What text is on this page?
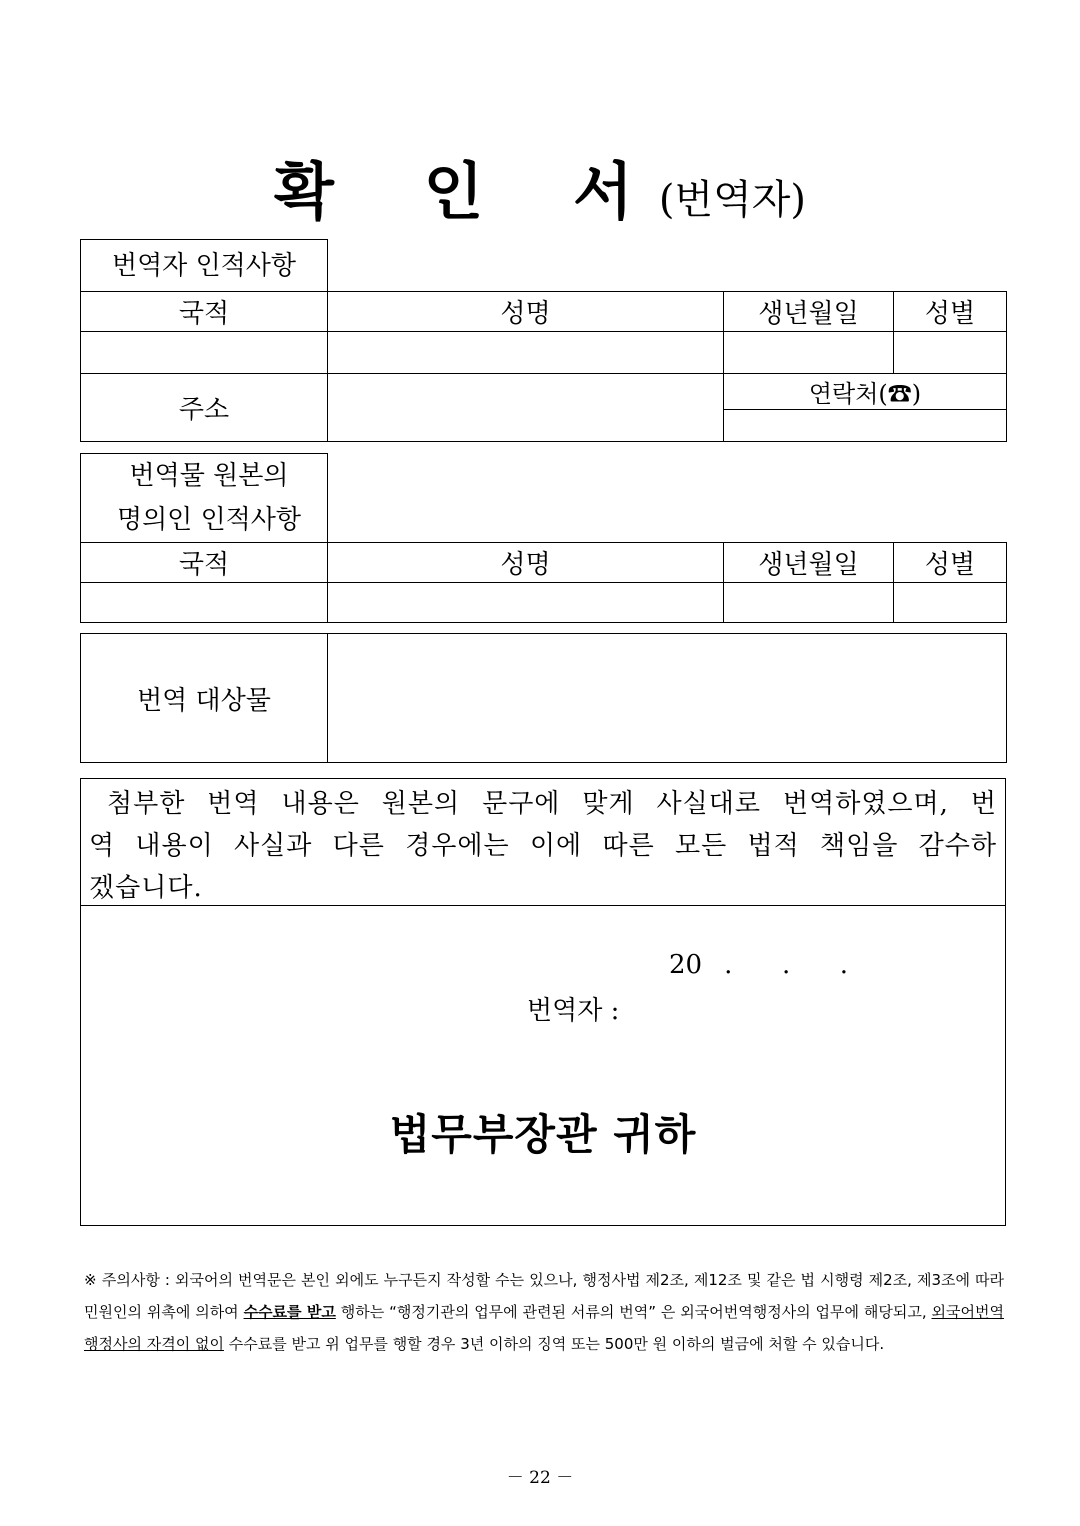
확 인 서(번역자)
번역자 인적사항			
국적	성명	생년월일	성별

주소		연락처(☎)	

번역물 원본의
명의인 인적사항			

국적	성명	생년월일	성별

번역 대상물	
첨부한 번역 내용은 원본의 문구에 맞게 사실대로 번역하였으며, 번역 내용이 사실과 다른 경우에는 이에 따른 모든 법적 책임을 감수하겠습니다.
20 .      .      .
번역자 :
법무부장관 귀하
※ 주의사항 : 외국어의 번역문은 본인 외에도 누구든지 작성할 수는 있으나, 행정사법 제2조, 제12조 및 같은 법 시행령 제2조, 제3조에 따라 민원인의 위촉에 의하여 수수료를 받고 행하는 “행정기관의 업무에 관련된 서류의 번역” 은 외국어번역행정사의 업무에 해당되고, 외국어번역행정사의 자격이 없이 수수료를 받고 위 업무를 행할 경우 3년 이하의 징역 또는 500만 원 이하의 벌금에 처할 수 있습니다.
－ 22 －
